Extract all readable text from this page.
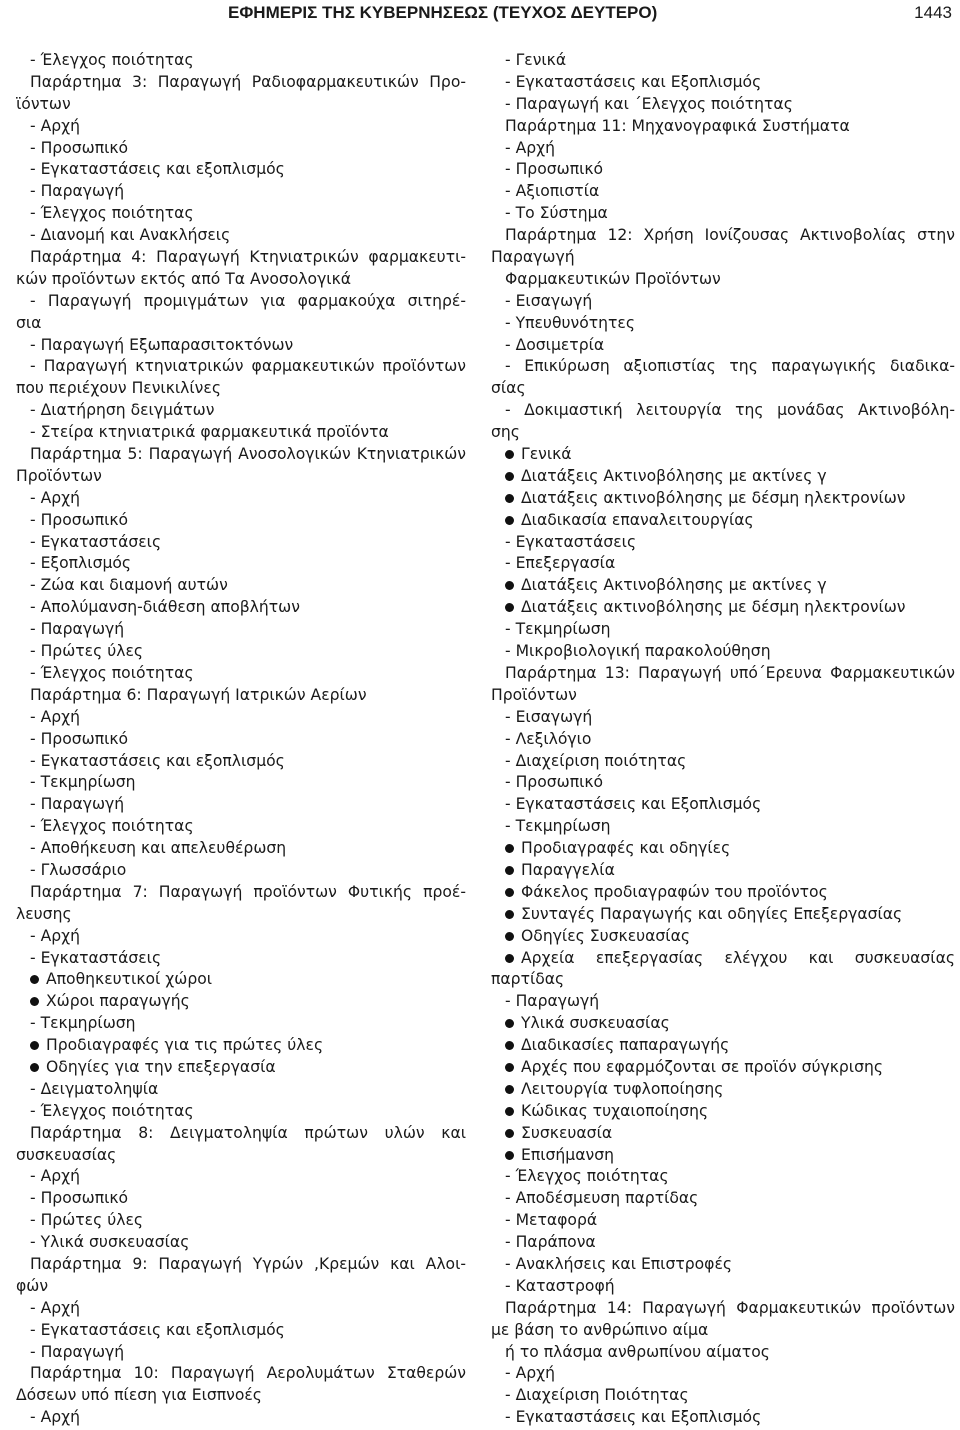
ΕΦΗΜΕΡΙΣ ΤΗΣ ΚΥΒΕΡΝΗΣΕΩΣ (ΤΕΥΧΟΣ ΔΕΥΤΕΡΟ)	1443
- Έλεγχος ποιότητας
Παράρτημα 3: Παραγωγή Ραδιοφαρμακευτικών Προ-
ϊόντων
- Αρχή
- Προσωπικό
- Εγκαταστάσεις και εξοπλισμός
- Παραγωγή
- Έλεγχος ποιότητας
- Διανομή και Ανακλήσεις
Παράρτημα 4: Παραγωγή Κτηνιατρικών φαρμακευτι-
κών προϊόντων εκτός από Τα Ανοσολογικά
- Παραγωγή προμιγμάτων για φαρμακούχα σιτηρέ-
σια
- Παραγωγή Εξωπαρασιτοκτόνων
- Παραγωγή κτηνιατρικών φαρμακευτικών προϊόντων
που περιέχουν Πενικιλίνες
- Διατήρηση δειγμάτων
- Στείρα κτηνιατρικά φαρμακευτικά προϊόντα
Παράρτημα 5: Παραγωγή Ανοσολογικών Κτηνιατρικών
Προϊόντων
- Αρχή
- Προσωπικό
- Εγκαταστάσεις
- Εξοπλισμός
- Ζώα και διαμονή αυτών
- Απολύμανση-διάθεση αποβλήτων
- Παραγωγή
- Πρώτες ύλες
- Έλεγχος ποιότητας
Παράρτημα 6: Παραγωγή Ιατρικών Αερίων
- Αρχή
- Προσωπικό
- Εγκαταστάσεις και εξοπλισμός
- Τεκμηρίωση
- Παραγωγή
- Έλεγχος ποιότητας
- Αποθήκευση και απελευθέρωση
- Γλωσσάριο
Παράρτημα 7: Παραγωγή προϊόντων Φυτικής προέ-
λευσης
- Αρχή
- Εγκαταστάσεις
Αποθηκευτικοί χώροι
Χώροι παραγωγής
- Τεκμηρίωση
Προδιαγραφές για τις πρώτες ύλες
Οδηγίες για την επεξεργασία
- Δειγματοληψία
- Έλεγχος ποιότητας
Παράρτημα 8: Δειγματοληψία πρώτων υλών και
συσκευασίας
- Αρχή
- Προσωπικό
- Πρώτες ύλες
- Υλικά συσκευασίας
Παράρτημα 9: Παραγωγή Υγρών ,Κρεμών και Αλοι-
φών
- Αρχή
- Εγκαταστάσεις και εξοπλισμός
- Παραγωγή
Παράρτημα 10: Παραγωγή Αερολυμάτων Σταθερών
Δόσεων υπό πίεση για Εισπνοές
- Αρχή
- Γενικά
- Εγκαταστάσεις και Εξοπλισμός
- Παραγωγή και ΄Ελεγχος ποιότητας
Παράρτημα 11: Μηχανογραφικά Συστήματα
- Αρχή
- Προσωπικό
- Αξιοπιστία
- Το Σύστημα
Παράρτημα 12: Χρήση Ιονίζουσας Ακτινοβολίας στην
Παραγωγή
Φαρμακευτικών Προϊόντων
- Εισαγωγή
- Υπευθυνότητες
- Δοσιμετρία
- Επικύρωση αξιοπιστίας της παραγωγικής διαδικα-
σίας
- Δοκιμαστική λειτουργία της μονάδας Ακτινοβόλη-
σης
Γενικά
Διατάξεις Ακτινοβόλησης με ακτίνες γ
Διατάξεις ακτινοβόλησης με δέσμη ηλεκτρονίων
Διαδικασία επαναλειτουργίας
- Εγκαταστάσεις
- Επεξεργασία
Διατάξεις Ακτινοβόλησης με ακτίνες γ
Διατάξεις ακτινοβόλησης με δέσμη ηλεκτρονίων
- Τεκμηρίωση
- Μικροβιολογική παρακολούθηση
Παράρτημα 13: Παραγωγή υπό΄Ερευνα Φαρμακευτικών
Προϊόντων
- Εισαγωγή
- Λεξιλόγιο
- Διαχείριση ποιότητας
- Προσωπικό
- Εγκαταστάσεις και Εξοπλισμός
- Τεκμηρίωση
Προδιαγραφές και οδηγίες
Παραγγελία
Φάκελος προδιαγραφών του προϊόντος
Συνταγές Παραγωγής και οδηγίες Επεξεργασίας
Οδηγίες Συσκευασίας
Αρχεία επεξεργασίας ελέγχου και συσκευασίας
παρτίδας
- Παραγωγή
Υλικά συσκευασίας
Διαδικασίες παπαραγωγής
Αρχές που εφαρμόζονται σε προϊόν σύγκρισης
Λειτουργία τυφλοποίησης
Κώδικας τυχαιοποίησης
Συσκευασία
Επισήμανση
- Έλεγχος ποιότητας
- Αποδέσμευση παρτίδας
- Μεταφορά
- Παράπονα
- Ανακλήσεις και Επιστροφές
- Καταστροφή
Παράρτημα 14: Παραγωγή Φαρμακευτικών προϊόντων
με βάση το ανθρώπινο αίμα
ή το πλάσμα ανθρωπίνου αίματος
- Αρχή
- Διαχείριση Ποιότητας
- Εγκαταστάσεις και Εξοπλισμός
